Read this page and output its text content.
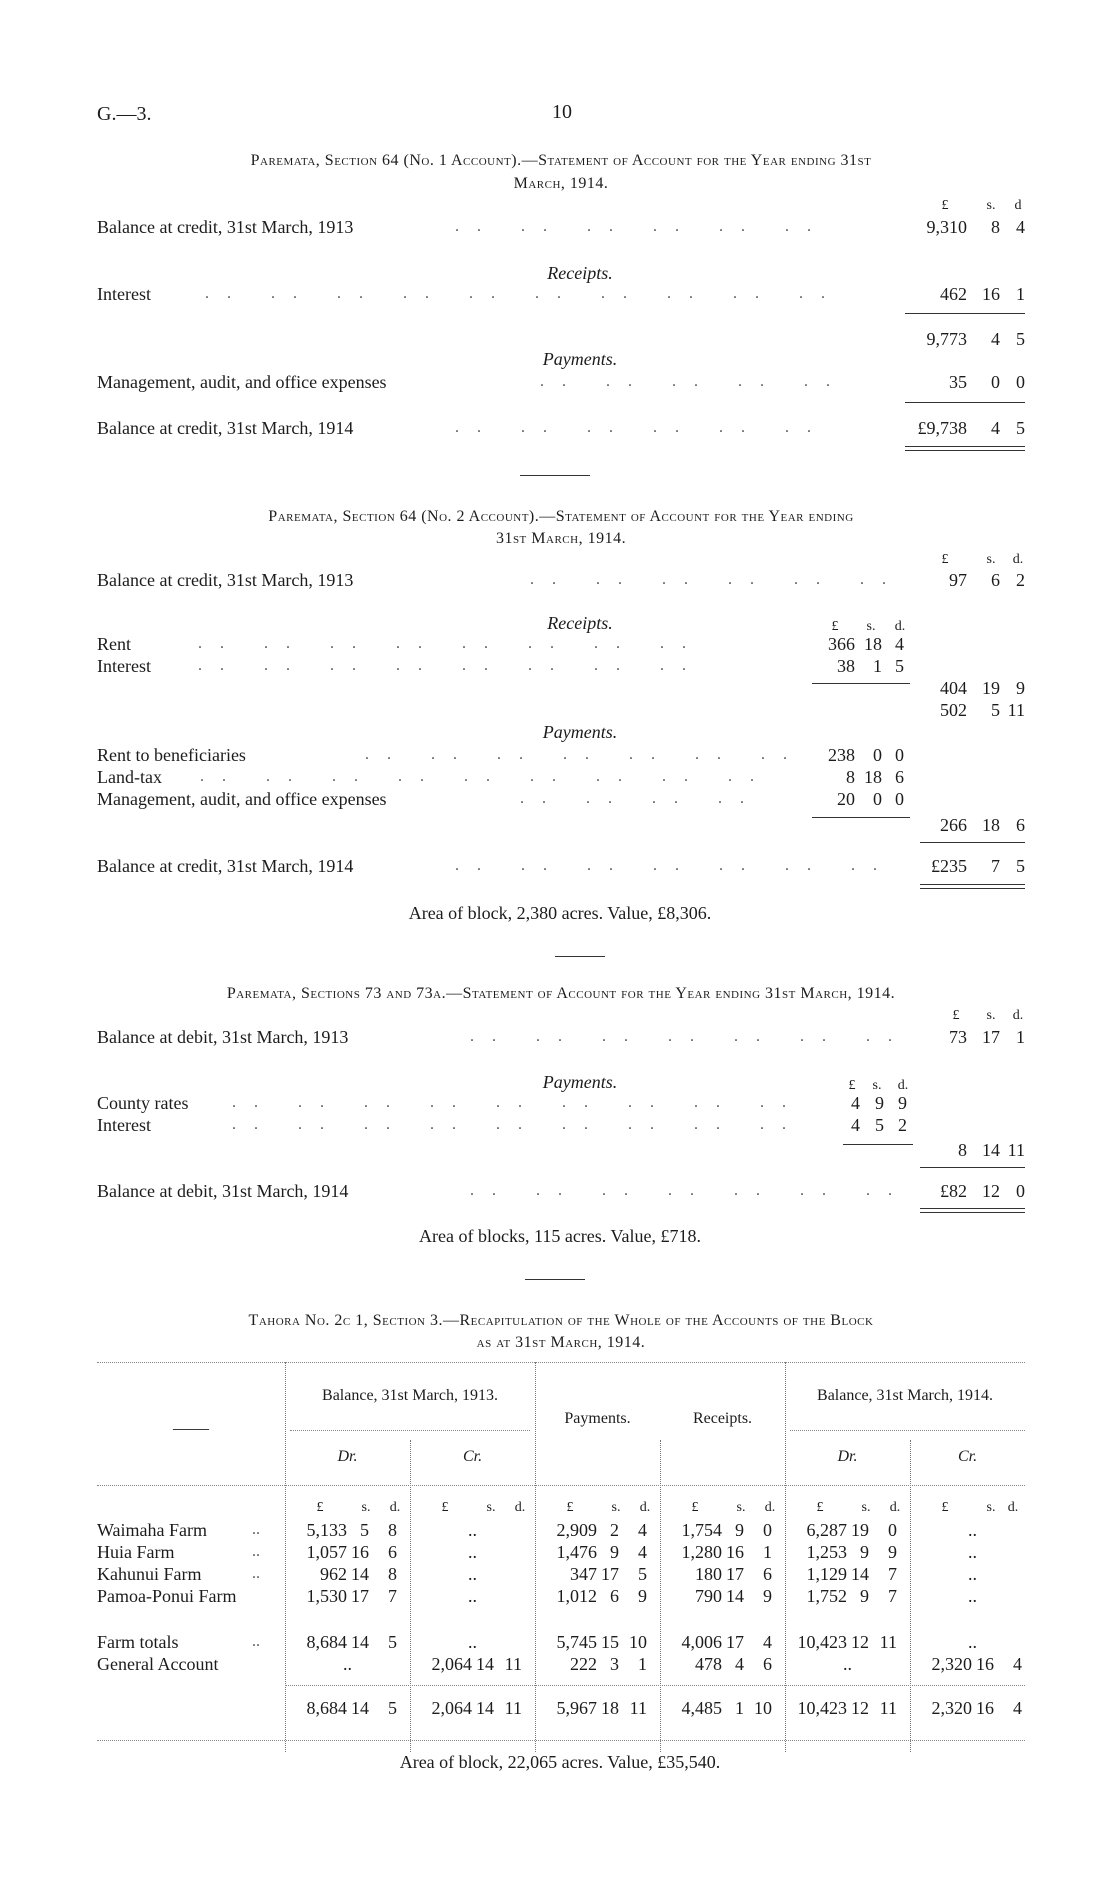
G.—3.	10
Paremata, Section 64 (No. 1 Account).—Statement of Account for the Year ending 31st
March, 1914.
£	s.	d
Balance at credit, 31st March, 1913	.. .. .. .. .. ..	9,310	8 4
Receipts.
Interest	.. .. .. .. .. .. .. .. .. ..	462 16 1
9,773	4 5
Payments.
Management, audit, and office expenses	.. .. .. .. ..	35	0 0
Balance at credit, 31st March, 1914	.. .. .. .. .. ..	£9,738	4 5
Paremata, Section 64 (No. 2 Account).—Statement of Account for the Year ending
31st March, 1914.
£	s.	d.
Balance at credit, 31st March, 1913	.. .. .. .. .. ..	97	6 2
Receipts.	£	s.	d.
Rent	.. .. .. .. .. .. .. ..	366 18 4
Interest	.. .. .. .. .. .. .. ..	38	1 5
404 19 9
502	5 11
Payments.
Rent to beneficiaries	.. .. .. .. .. .. ..	238	0 0
Land-tax .. .. .. .. .. .. .. .. ..	8 18 6
Management, audit, and office expenses	.. .. .. ..	20	0 0
266 18 6
Balance at credit, 31st March, 1914	.. .. .. .. .. .. ..	£235	7 5
Area of block, 2,380 acres. Value, £8,306.
Paremata, Sections 73 and 73a.—Statement of Account for the Year ending 31st March, 1914.
£	s.	d.
Balance at debit, 31st March, 1913	.. .. .. .. .. .. ..	73 17 1
Payments.	£	s.	d.
County rates	.. .. .. .. .. .. .. .. ..	4 9 9
Interest	.. .. .. .. .. .. .. .. ..	4 5 2
8 14 11
Balance at debit, 31st March, 1914	.. .. .. .. .. .. ..	£82 12 0
Area of blocks, 115 acres. Value, £718.
Tahora No. 2c 1, Section 3.—Recapitulation of the Whole of the Accounts of the Block
as at 31st March, 1914.
——
Balance, 31st March, 1913.
Payments.	Receipts.
Balance, 31st March, 1914.
Dr.	Cr.	Dr.	Cr.
£	s.	d.	£	s.	d.	£	s.	d.	£	s.	d.	£	s.	d.	£	s. d.
Waimaha Farm	..	5,133 5	8	..	2,909 2	4	1,754 9	0	6,287 19	0	..
Huia Farm	..	1,057 16	6	..	1,476 9	4	1,280 16	1	1,253 9	9	..
Kahunui Farm	..	962 14	8	..	347 17	5	180 17	6	1,129 14	7	..
Pamoa-Ponui Farm	1,530 17	7	..	1,012 6	9	790 14	9	1,752 9	7	..
Farm totals	..	8,684 14	5	..	5,745 15 10	4,006 17	4	10,423 12 11	..
General Account	..	2,064 14 11	222 3	1	478 4	6	..	2,320 16	4
8,684 14	5	2,064 14 11	5,967 18 11	4,485 1 10	10,423 12 11	2,320 16	4
Area of block, 22,065 acres. Value, £35,540.
